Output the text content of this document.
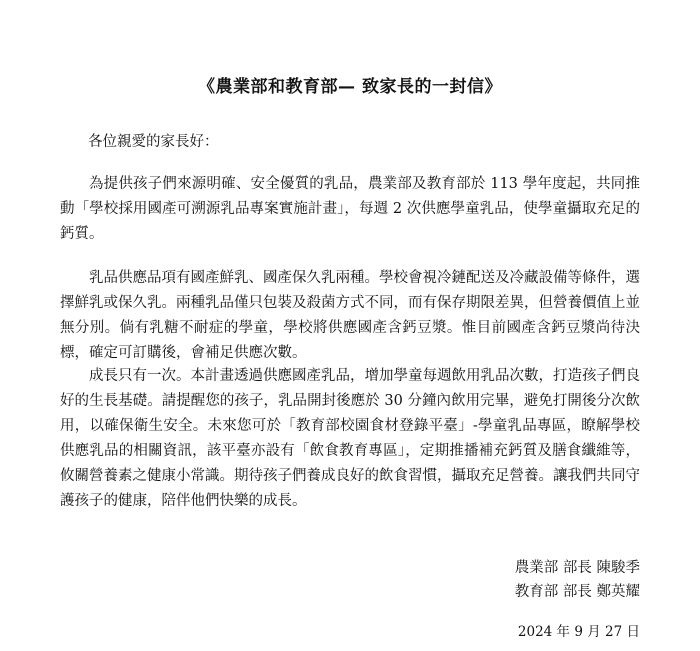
《農業部和教育部— 致家長的一封信》
各位親愛的家長好：
為提供孩子們來源明確、安全優質的乳品，農業部及教育部於 113 學年度起，共同推動「學校採用國產可溯源乳品專案實施計畫」，每週 2 次供應學童乳品，使學童攝取充足的鈣質。
乳品供應品項有國產鮮乳、國產保久乳兩種。學校會視冷鏈配送及冷藏設備等條件，選擇鮮乳或保久乳。兩種乳品僅只包裝及殺菌方式不同，而有保存期限差異，但營養價值上並無分別。倘有乳糖不耐症的學童，學校將供應國產含鈣豆漿。惟目前國產含鈣豆漿尚待決標，確定可訂購後，會補足供應次數。
成長只有一次。本計畫透過供應國產乳品，增加學童每週飲用乳品次數，打造孩子們良好的生長基礎。請提醒您的孩子，乳品開封後應於 30 分鐘內飲用完畢，避免打開後分次飲用，以確保衛生安全。未來您可於「教育部校園食材登錄平臺」-學童乳品專區，瞭解學校供應乳品的相關資訊，該平臺亦設有「飲食教育專區」，定期推播補充鈣質及膳食纖維等，攸關營養素之健康小常識。期待孩子們養成良好的飲食習慣，攝取充足營養。讓我們共同守護孩子的健康，陪伴他們快樂的成長。
農業部 部長 陳駿季
教育部 部長 鄭英耀
2024 年 9 月 27 日
